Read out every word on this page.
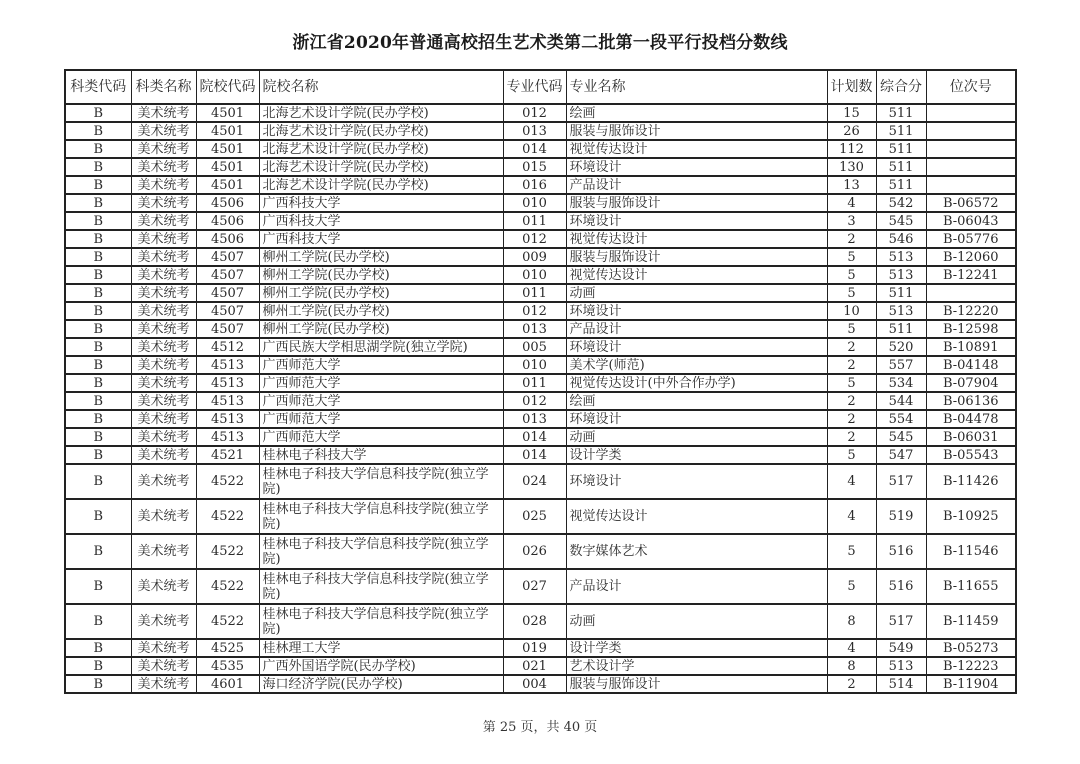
浙江省2020年普通高校招生艺术类第二批第一段平行投档分数线
科类代码	科类名称	院校代码	院校名称	专业代码	专业名称	计划数	综合分	位次号
B	美术统考	4501	北海艺术设计学院(民办学校)	012	绘画	15	511	
B	美术统考	4501	北海艺术设计学院(民办学校)	013	服装与服饰设计	26	511	
B	美术统考	4501	北海艺术设计学院(民办学校)	014	视觉传达设计	112	511	
B	美术统考	4501	北海艺术设计学院(民办学校)	015	环境设计	130	511	
B	美术统考	4501	北海艺术设计学院(民办学校)	016	产品设计	13	511	
B	美术统考	4506	广西科技大学	010	服装与服饰设计	4	542	B-06572
B	美术统考	4506	广西科技大学	011	环境设计	3	545	B-06043
B	美术统考	4506	广西科技大学	012	视觉传达设计	2	546	B-05776
B	美术统考	4507	柳州工学院(民办学校)	009	服装与服饰设计	5	513	B-12060
B	美术统考	4507	柳州工学院(民办学校)	010	视觉传达设计	5	513	B-12241
B	美术统考	4507	柳州工学院(民办学校)	011	动画	5	511	
B	美术统考	4507	柳州工学院(民办学校)	012	环境设计	10	513	B-12220
B	美术统考	4507	柳州工学院(民办学校)	013	产品设计	5	511	B-12598
B	美术统考	4512	广西民族大学相思湖学院(独立学院)	005	环境设计	2	520	B-10891
B	美术统考	4513	广西师范大学	010	美术学(师范)	2	557	B-04148
B	美术统考	4513	广西师范大学	011	视觉传达设计(中外合作办学)	5	534	B-07904
B	美术统考	4513	广西师范大学	012	绘画	2	544	B-06136
B	美术统考	4513	广西师范大学	013	环境设计	2	554	B-04478
B	美术统考	4513	广西师范大学	014	动画	2	545	B-06031
B	美术统考	4521	桂林电子科技大学	014	设计学类	5	547	B-05543
B	美术统考	4522	桂林电子科技大学信息科技学院(独立学院)	024	环境设计	4	517	B-11426
B	美术统考	4522	桂林电子科技大学信息科技学院(独立学院)	025	视觉传达设计	4	519	B-10925
B	美术统考	4522	桂林电子科技大学信息科技学院(独立学院)	026	数字媒体艺术	5	516	B-11546
B	美术统考	4522	桂林电子科技大学信息科技学院(独立学院)	027	产品设计	5	516	B-11655
B	美术统考	4522	桂林电子科技大学信息科技学院(独立学院)	028	动画	8	517	B-11459
B	美术统考	4525	桂林理工大学	019	设计学类	4	549	B-05273
B	美术统考	4535	广西外国语学院(民办学校)	021	艺术设计学	8	513	B-12223
B	美术统考	4601	海口经济学院(民办学校)	004	服装与服饰设计	2	514	B-11904
第 25 页，共 40 页
